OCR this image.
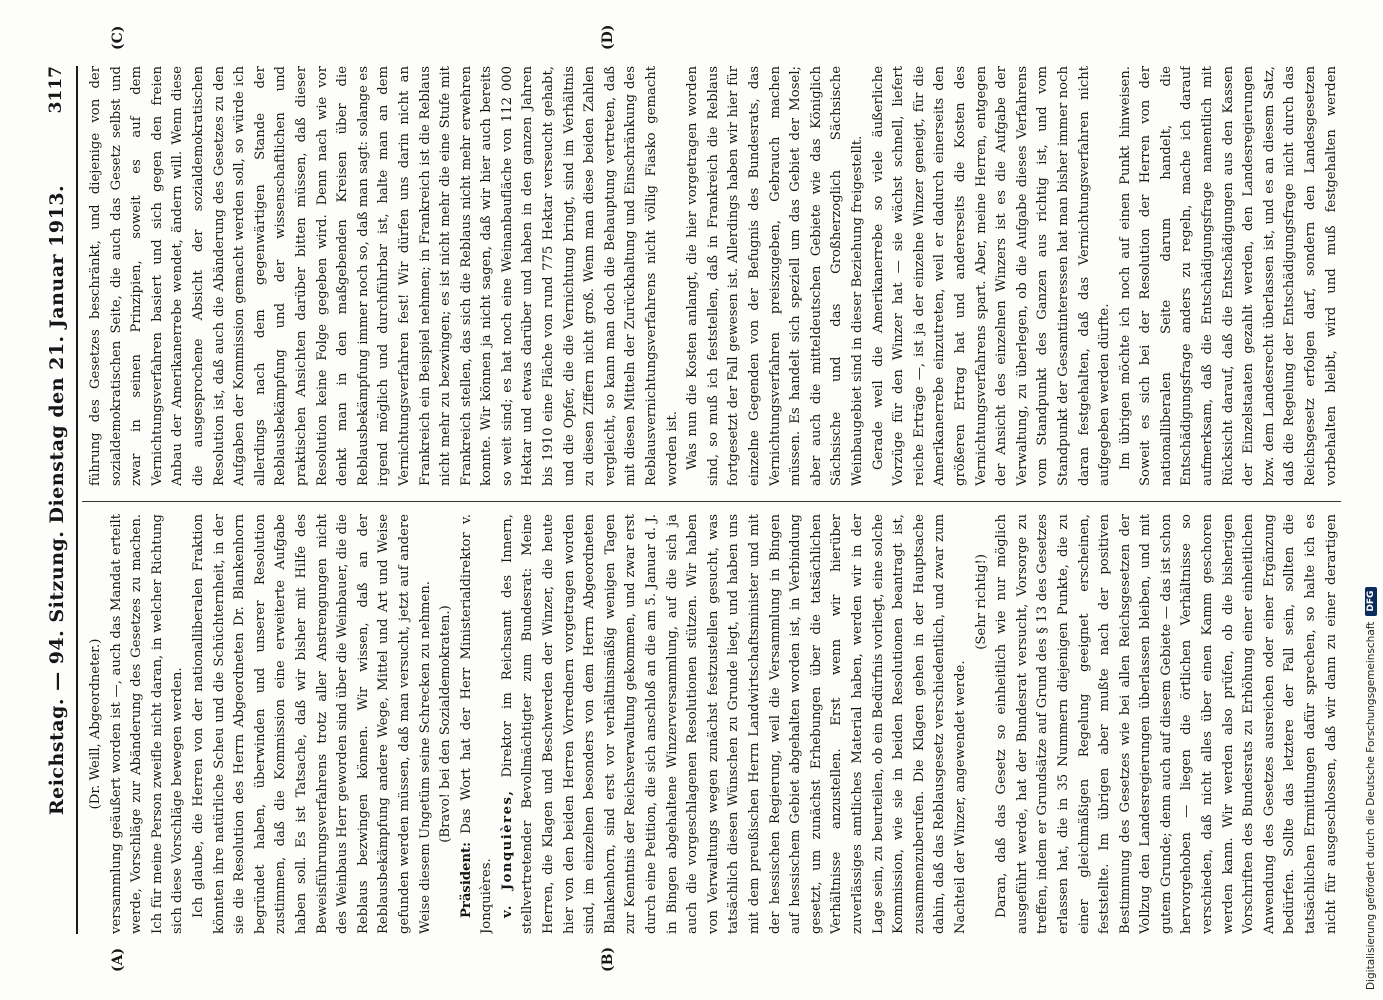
Reichstag. — 94. Sitzung. Dienstag den 21. Januar 1913.
3117
(A)	(B)
(C)	(D)

(Dr. Weill, Abgeordneter.) versammlung geäußert worden ist —, auch das Mandat erteilt werde, Vorschläge zur Abänderung des Gesetzes zu machen. Ich für meine Person zweifle nicht daran, in welcher Richtung sich diese Vorschläge bewegen werden. Ich glaube, die Herren von der nationalliberalen Fraktion könnten ihre natürliche Scheu und die Schüchternheit, in der sie die Resolution des Herrn Abgeordneten Dr. Blankenhorn begründet haben, überwinden und unserer Resolution zustimmen, daß die Kommission eine erweiterte Aufgabe haben soll. Es ist Tatsache, daß wir bisher mit Hilfe des Beweisführungsverfahrens trotz aller Anstrengungen nicht des Weinbaus Herr geworden sind über die Weinbauer, die die Reblaus bezwingen können. Wir wissen, daß an der Reblausbekämpfung andere Wege, Mittel und Art und Weise gefunden werden müssen, daß man versucht, jetzt auf andere Weise diesem Ungetüm seine Schrecken zu nehmen. (Bravo! bei den Sozialdemokraten.)

Präsident: Das Wort hat der Herr Ministerialdirektor v. Jonquières. v. Jonquières, Direktor im Reichsamt des Innern, stellvertretender Bevollmächtigter zum Bundesrat: Meine Herren, die Klagen und Beschwerden der Winzer, die heute hier von den beiden Herren Vorrednern vorgetragen worden sind, im einzelnen besonders von dem Herrn Abgeordneten Blankenhorn, sind erst vor verhältnismäßig wenigen Tagen zur Kenntnis der Reichsverwaltung gekommen, und zwar erst durch eine Petition, die sich anschloß an die am 5. Januar d. J. in Bingen abgehaltene Winzerversammlung, auf die sich ja auch die vorgeschlagenen Resolutionen stützen. Wir haben von Verwaltungs wegen zunächst festzustellen gesucht, was tatsächlich diesen Wünschen zu Grunde liegt, und haben uns mit dem preußischen Herrn Landwirtschaftsminister und mit der hessischen Regierung, weil die Versammlung in Bingen auf hessischem Gebiet abgehalten worden ist, in Verbindung gesetzt, um zunächst Erhebungen über die tatsächlichen Verhältnisse anzustellen. Erst wenn wir hierüber zuverlässiges amtliches Material haben, werden wir in der Lage sein, zu beurteilen, ob ein Bedürfnis vorliegt, eine solche Kommission, wie sie in beiden Resolutionen beantragt ist, zusammenzuberufen. Die Klagen gehen in der Hauptsache dahin, daß das Reblausgesetz verschiedentlich, und zwar zum Nachteil der Winzer, angewendet werde.

(Sehr richtig!)

Daran, daß das Gesetz so einheitlich wie nur möglich ausgeführt werde, hat der Bundesrat versucht, Vorsorge zu treffen, indem er Grundsätze auf Grund des § 13 des Gesetzes erlassen hat, die in 35 Nummern diejenigen Punkte, die zu einer gleichmäßigen Regelung geeignet erscheinen, feststellte. Im übrigen aber mußte nach der positiven Bestimmung des Gesetzes wie bei allen Reichsgesetzen der Vollzug den Landesregierungen überlassen bleiben, und mit gutem Grunde; denn auch auf diesem Gebiete — das ist schon hervorgehoben — liegen die örtlichen Verhältnisse so verschieden, daß nicht alles über einen Kamm geschoren werden kann. Wir werden also prüfen, ob die bisherigen Vorschriften des Bundesrats zu Erhöhung einer einheitlichen Anwendung des Gesetzes ausreichen oder einer Ergänzung bedürfen. Sollte das letztere der Fall sein, sollten die tatsächlichen Ermittlungen dafür sprechen, so halte ich es nicht für ausgeschlossen, daß wir dann zu einer derartigen

führung des Gesetzes beschränkt, und diejenige von der sozialdemokratischen Seite, die auch das Gesetz selbst und zwar in seinen Prinzipien, soweit es auf dem Vernichtungsverfahren basiert und sich gegen den freien Anbau der Amerikanerrebe wendet, ändern will. Wenn diese die ausgesprochene Absicht der sozialdemokratischen Resolution ist, daß auch die Abänderung des Gesetzes zu den Aufgaben der Kommission gemacht werden soll, so würde ich allerdings nach dem gegenwärtigen Stande der Reblausbekämpfung und der wissenschaftlichen und praktischen Ansichten darüber bitten müssen, daß dieser Resolution keine Folge gegeben wird. Denn nach wie vor denkt man in den maßgebenden Kreisen über die Reblausbekämpfung immer noch so, daß man sagt: solange es irgend möglich und durchführbar ist, halte man an dem Vernichtungsverfahren fest! Wir dürfen uns darin nicht an Frankreich ein Beispiel nehmen; in Frankreich ist die Reblaus nicht mehr zu bezwingen; es ist nicht mehr die eine Stufe mit Frankreich stellen, das sich die Reblaus nicht mehr erwehren konnte. Wir können ja nicht sagen, daß wir hier auch bereits so weit sind; es hat noch eine Weinanbaufläche von 112 000 Hektar und etwas darüber und haben in den ganzen Jahren bis 1910 eine Fläche von rund 775 Hektar verseucht gehabt, und die Opfer, die die Vernichtung bringt, sind im Verhältnis zu diesen Ziffern nicht groß. Wenn man diese beiden Zahlen vergleicht, so kann man doch die Behauptung vertreten, daß mit diesen Mitteln der Zurückhaltung und Einschränkung des Reblausvernichtungsverfahrens nicht völlig Fiasko gemacht worden ist. Was nun die Kosten anlangt, die hier vorgetragen worden sind, so muß ich feststellen, daß in Frankreich die Reblaus fortgesetzt der Fall gewesen ist. Allerdings haben wir hier für einzelne Gegenden von der Befugnis des Bundesrats, das Vernichtungsverfahren preiszugeben, Gebrauch machen müssen. Es handelt sich speziell um das Gebiet der Mosel; aber auch die mitteldeutschen Gebiete wie das Königlich Sächsische und das Großherzoglich Sächsische Weinbaugebiet sind in dieser Beziehung freigestellt. Gerade weil die Amerikanerrebe so viele äußerliche Vorzüge für den Winzer hat — sie wächst schnell, liefert reiche Erträge —, ist ja der einzelne Winzer geneigt, für die Amerikanerrebe einzutreten, weil er dadurch einerseits den größeren Ertrag hat und andererseits die Kosten des Vernichtungsverfahrens spart. Aber, meine Herren, entgegen der Ansicht des einzelnen Winzers ist es die Aufgabe der Verwaltung, zu überlegen, ob die Aufgabe dieses Verfahrens vom Standpunkt des Ganzen aus richtig ist, und vom Standpunkt der Gesamtinteressen hat man bisher immer noch daran festgehalten, daß das Vernichtungsverfahren nicht aufgegeben werden dürfte. Im übrigen möchte ich noch auf einen Punkt hinweisen. Soweit es sich bei der Resolution der Herren von der nationalliberalen Seite darum handelt, die Entschädigungsfrage anders zu regeln, mache ich darauf aufmerksam, daß die Entschädigungsfrage namentlich mit Rücksicht darauf, daß die Entschädigungen aus den Kassen der Einzelstaaten gezahlt werden, den Landesregierungen bzw. dem Landesrecht überlassen ist, und es an diesem Satz, daß die Regelung der Entschädigungsfrage nicht durch das Reichsgesetz erfolgen darf, sondern den Landesgesetzen vorbehalten bleibt, wird und muß festgehalten werden

Digitalisierung gefördert durch die Deutsche ForschungsgemeinschaftDFG
